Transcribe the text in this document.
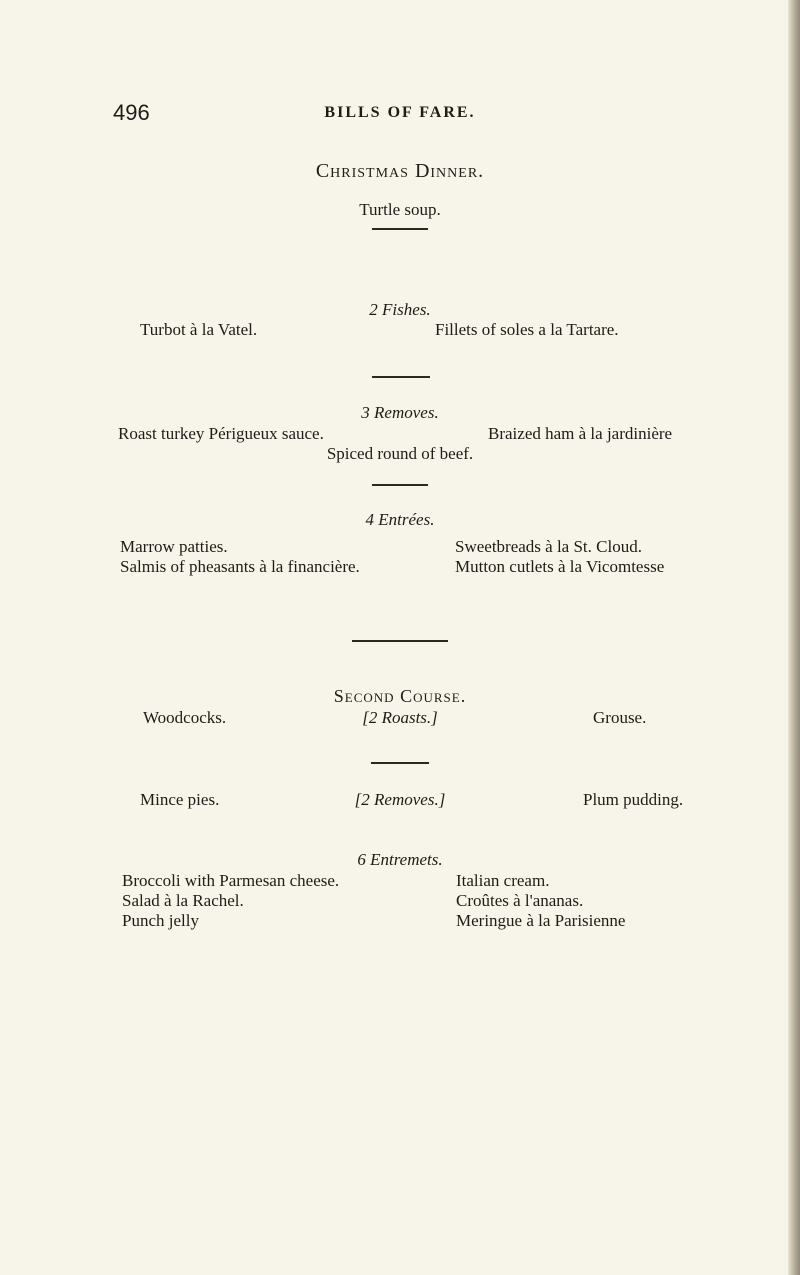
496	BILLS OF FARE.
Christmas Dinner.
Turtle soup.
2 Fishes.
Turbot à la Vatel.	Fillets of soles a la Tartare.
3 Removes.
Roast turkey Périgueux sauce.	Braized ham à la jardinière
Spiced round of beef.
4 Entrées.
Marrow patties.	Sweetbreads à la St. Cloud.
Salmis of pheasants à la financière.	Mutton cutlets à la Vicomtesse
Second Course.
Woodcocks.	[2 Roasts.]	Grouse.
Mince pies.	[2 Removes.]	Plum pudding.
6 Entremets.
Broccoli with Parmesan cheese.	Italian cream.
Salad à la Rachel.	Croûtes à l'ananas.
Punch jelly	Meringue à la Parisienne
